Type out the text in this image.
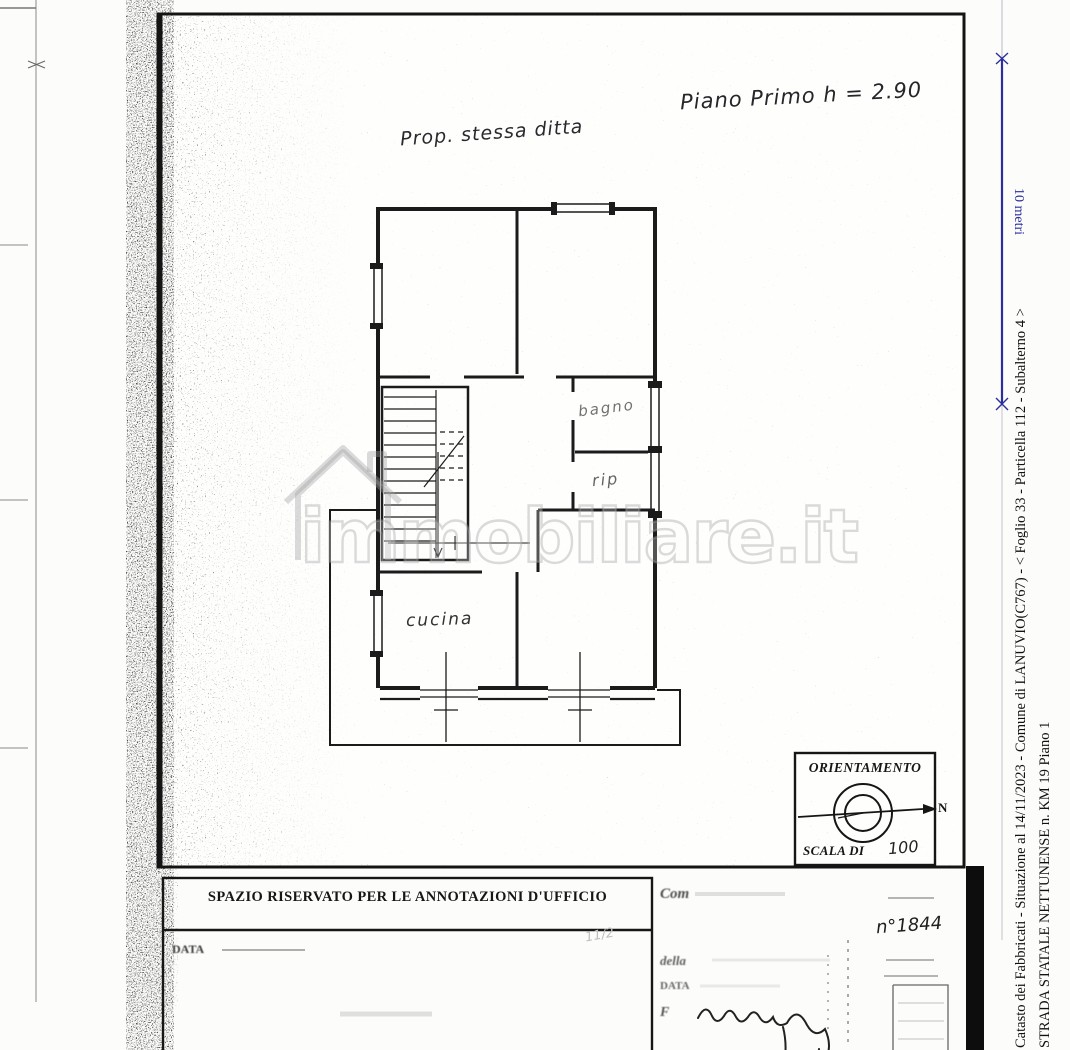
immobiliare.it
Piano Primo h = 2.90
Prop. stessa ditta
bagno
rip
cucina
ORIENTAMENTO
N
SCALA DI 100
SPAZIO RISERVATO PER LE ANNOTAZIONI D'UFFICIO
DATA
11/2
Com
della
DATA
F
n°1844	Catasto dei Fabbricati - Situazione al 14/11/2023 - Comune di LANUVIO(C767) - < Foglio 33 - Particella 112 - Subalterno 4 > STRADA STATALE NETTUNENSE n. KM 19 Piano 1
10 metri
